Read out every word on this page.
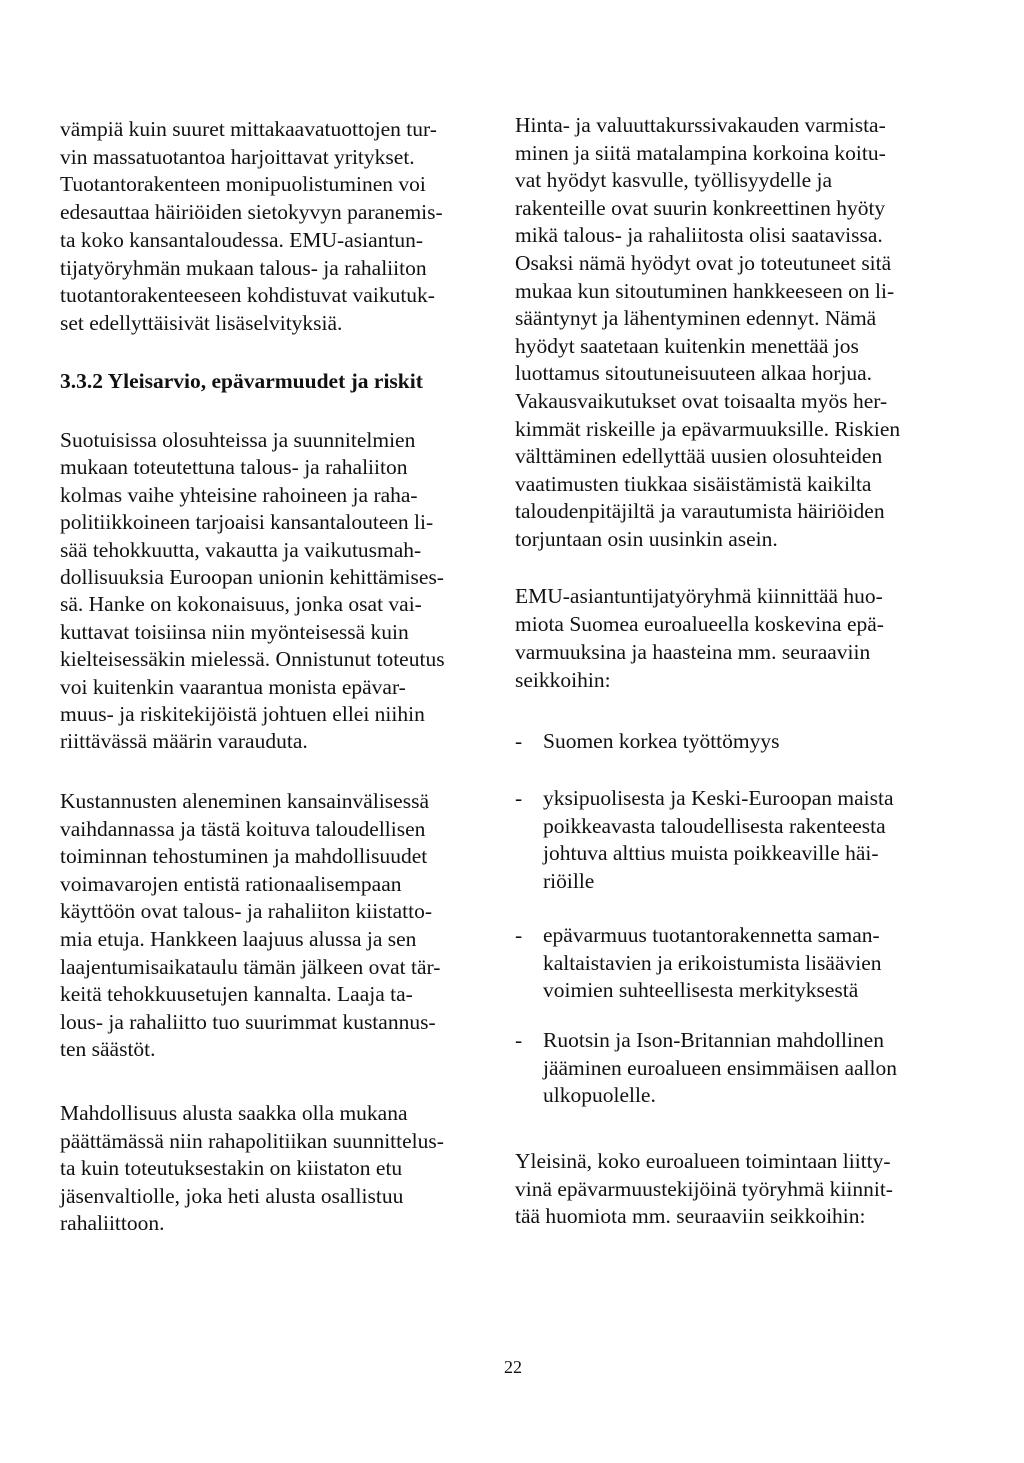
vämpiä kuin suuret mittakaavatuottojen tur-
vin massatuotantoa harjoittavat yritykset.
Tuotantorakenteen monipuolistuminen voi
edesauttaa häiriöiden sietokyvyn paranemis-
ta koko kansantaloudessa. EMU-asiantun-
tijatyöryhmän mukaan talous- ja rahaliiton
tuotantorakenteeseen kohdistuvat vaikutuk-
set edellyttäisivät lisäselvityksiä.
3.3.2 Yleisarvio, epävarmuudet ja riskit
Suotuisissa olosuhteissa ja suunnitelmien
mukaan toteutettuna talous- ja rahaliiton
kolmas vaihe yhteisine rahoineen ja raha-
politiikkoineen tarjoaisi kansantalouteen li-
sää tehokkuutta, vakautta ja vaikutusmah-
dollisuuksia Euroopan unionin kehittämises-
sä. Hanke on kokonaisuus, jonka osat vai-
kuttavat toisiinsa niin myönteisessä kuin
kielteisessäkin mielessä. Onnistunut toteutus
voi kuitenkin vaarantua monista epävar-
muus- ja riskitekijöistä johtuen ellei niihin
riittävässä määrin varauduta.
Kustannusten aleneminen kansainvälisessä
vaihdannassa ja tästä koituva taloudellisen
toiminnan tehostuminen ja mahdollisuudet
voimavarojen entistä rationaalisempaan
käyttöön ovat talous- ja rahaliiton kiistatto-
mia etuja. Hankkeen laajuus alussa ja sen
laajentumisaikataulu tämän jälkeen ovat tär-
keitä tehokkuusetujen kannalta. Laaja ta-
lous- ja rahaliitto tuo suurimmat kustannus-
ten säästöt.
Mahdollisuus alusta saakka olla mukana
päättämässä niin rahapolitiikan suunnittelus-
ta kuin toteutuksestakin on kiistaton etu
jäsenvaltiolle, joka heti alusta osallistuu
rahaliittoon.
Hinta- ja valuuttakurssivakauden varmista-
minen ja siitä matalampina korkoina koitu-
vat hyödyt kasvulle, työllisyydelle ja
rakenteille ovat suurin konkreettinen hyöty
mikä talous- ja rahaliitosta olisi saatavissa.
Osaksi nämä hyödyt ovat jo toteutuneet sitä
mukaa kun sitoutuminen hankkeeseen on li-
sääntynyt ja lähentyminen edennyt. Nämä
hyödyt saatetaan kuitenkin menettää jos
luottamus sitoutuneisuuteen alkaa horjua.
Vakausvaikutukset ovat toisaalta myös her-
kimmät riskeille ja epävarmuuksille. Riskien
välttäminen edellyttää uusien olosuhteiden
vaatimusten tiukkaa sisäistämistä kaikilta
taloudenpitäjiltä ja varautumista häiriöiden
torjuntaan osin uusinkin asein.
EMU-asiantuntijatyöryhmä kiinnittää huo-
miota Suomea euroalueella koskevina epä-
varmuuksina ja haasteina mm. seuraaviin
seikkoihin:
- Suomen korkea työttömyys
- yksipuolisesta ja Keski-Euroopan maista
poikkeavasta taloudellisesta rakenteesta
johtuva alttius muista poikkeaville häi-
riöille
- epävarmuus tuotantorakennetta saman-
kaltaistavien ja erikoistumista lisäävien
voimien suhteellisesta merkityksestä
- Ruotsin ja Ison-Britannian mahdollinen
jääminen euroalueen ensimmäisen aallon
ulkopuolelle.
Yleisinä, koko euroalueen toimintaan liitty-
vinä epävarmuustekijöinä työryhmä kiinnit-
tää huomiota mm. seuraaviin seikkoihin:
22
